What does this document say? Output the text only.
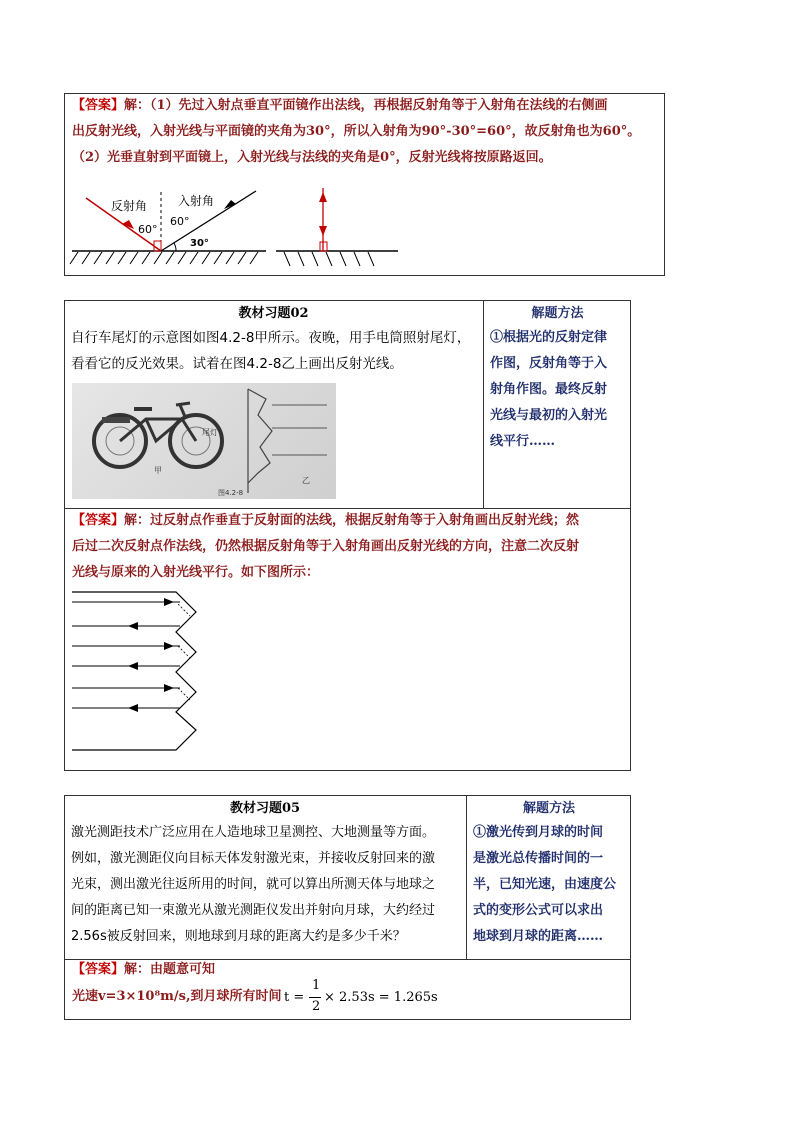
【答案】解：（1）先过入射点垂直平面镜作出法线，再根据反射角等于入射角在法线的右侧画
出反射光线，入射光线与平面镜的夹角为30°，所以入射角为90°-30°=60°，故反射角也为60°。
（2）光垂直射到平面镜上，入射光线与法线的夹角是0°，反射光线将按原路返回。
反射角	入射角
60°
60°
30°
教材习题02	解题方法
自行车尾灯的示意图如图4.2-8甲所示。夜晚，用手电筒照射尾灯，
看看它的反光效果。试着在图4.2-8乙上画出反射光线。
尾灯
甲
乙
图4.2-8
①根据光的反射定律
作图，反射角等于入
射角作图。最终反射
光线与最初的入射光
线平行……
【答案】解：过反射点作垂直于反射面的法线，根据反射角等于入射角画出反射光线；然
后过二次反射点作法线，仍然根据反射角等于入射角画出反射光线的方向，注意二次反射
光线与原来的入射光线平行。如下图所示：
教材习题05	解题方法
激光测距技术广泛应用在人造地球卫星测控、大地测量等方面。
例如，激光测距仪向目标天体发射激光束，并接收反射回来的激
光束，测出激光往返所用的时间，就可以算出所测天体与地球之
间的距离已知一束激光从激光测距仪发出并射向月球，大约经过
2.56s被反射回来，则地球到月球的距离大约是多少千米？
①激光传到月球的时间
是激光总传播时间的一
半，已知光速，由速度公
式的变形公式可以求出
地球到月球的距离……
【答案】解：由题意可知
光速v=3×10⁸m/s,到月球所有时间 t =
1
2
× 2.53s = 1.265s
